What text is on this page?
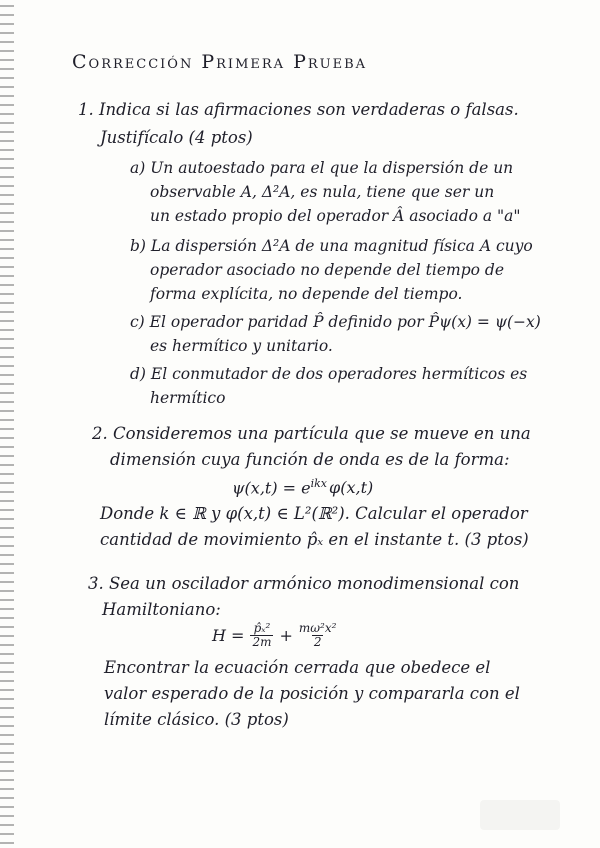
Corrección Primera Prueba
1. Indica si las afirmaciones son verdaderas o falsas.
Justifícalo (4 ptos)
a) Un autoestado para el que la dispersión de un
observable A, Δ²A, es nula, tiene que ser un
un estado propio del operador Â asociado a "a"
b) La dispersión Δ²A de una magnitud física A cuyo
operador asociado no depende del tiempo de
forma explícita, no depende del tiempo.
c) El operador paridad P̂ definido por P̂ψ(x) = ψ(−x)
es hermítico y unitario.
d) El conmutador de dos operadores hermíticos es
hermítico
2. Consideremos una partícula que se mueve en una
dimensión cuya función de onda es de la forma:
$\psi(x,t) = e^{ikx}$ φ(x,t)
Donde k ∈ ℝ y φ(x,t) ∈ L²(ℝ²). Calcular el operador
cantidad de movimiento p̂ₓ en el instante t. (3 ptos)
3. Sea un oscilador armónico monodimensional con
Hamiltoniano:
$H = \frac{\text{p̂ₓ²}}{2m} + \frac{\text{mω²x²}}{2}$
Encontrar la ecuación cerrada que obedece el
valor esperado de la posición y compararla con el
límite clásico. (3 ptos)
